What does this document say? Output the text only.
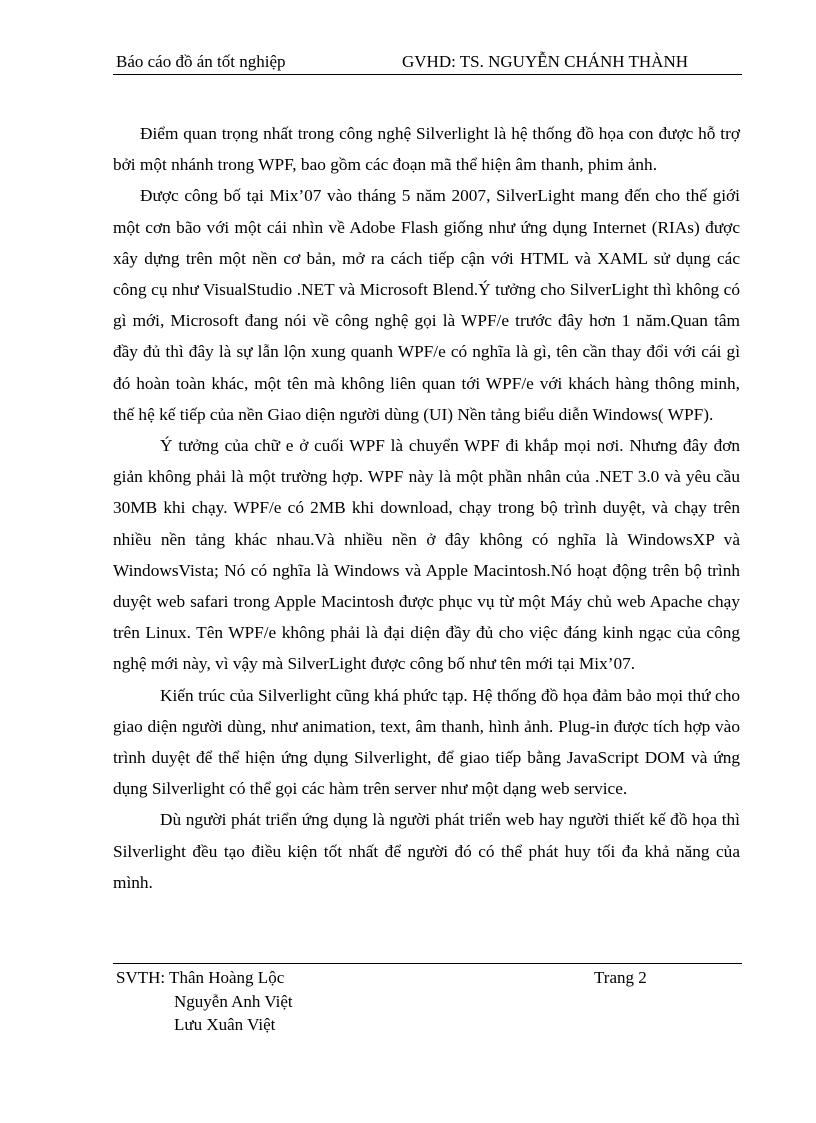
Báo cáo đồ án tốt nghiệp	GVHD: TS. NGUYỄN CHÁNH THÀNH

Điểm quan trọng nhất trong công nghệ Silverlight là hệ thống đồ họa con được hỗ trợ bởi một nhánh trong WPF, bao gồm các đoạn mã thể hiện âm thanh, phim ảnh.

Được công bố tại Mix’07 vào tháng 5 năm 2007, SilverLight mang đến cho thế giới một cơn bão với một cái nhìn về Adobe Flash giống như ứng dụng Internet (RIAs) được xây dựng trên một nền cơ bản, mở ra cách tiếp cận với HTML và XAML sử dụng các công cụ như VisualStudio .NET và Microsoft Blend.Ý tưởng cho SilverLight thì không có gì mới, Microsoft đang nói về công nghệ gọi là WPF/e trước đây hơn 1 năm.Quan tâm đầy đủ thì đây là sự lẫn lộn xung quanh WPF/e có nghĩa là gì, tên cần thay đổi với cái gì đó hoàn toàn khác, một tên mà không liên quan tới WPF/e với khách hàng thông minh, thế hệ kế tiếp của nền Giao diện người dùng (UI) Nền tảng biểu diễn Windows( WPF).

Ý tưởng của chữ e ở cuối WPF là chuyển WPF đi khắp mọi nơi. Nhưng đây đơn giản không phải là một trường hợp. WPF này là một phần nhân của .NET 3.0 và yêu cầu 30MB khi chạy. WPF/e có 2MB khi download, chạy trong bộ trình duyệt, và chạy trên nhiều nền tảng khác nhau.Và nhiều nền ở đây không có nghĩa là WindowsXP và WindowsVista; Nó có nghĩa là Windows và Apple Macintosh.Nó hoạt động trên bộ trình duyệt web safari trong Apple Macintosh được phục vụ từ một Máy chủ web Apache chạy trên Linux. Tên WPF/e không phải là đại diện đầy đủ cho việc đáng kinh ngạc của công nghệ mới này, vì vậy mà SilverLight được công bố như tên mới tại Mix’07.

Kiến trúc của Silverlight cũng khá phức tạp. Hệ thống đồ họa đảm bảo mọi thứ cho giao diện người dùng, như animation, text, âm thanh, hình ảnh. Plug-in được tích hợp vào trình duyệt để thể hiện ứng dụng Silverlight, để giao tiếp bằng JavaScript DOM và ứng dụng Silverlight có thể gọi các hàm trên server như một dạng web service.

Dù người phát triển ứng dụng là người phát triển web hay người thiết kế đồ họa thì Silverlight đều tạo điều kiện tốt nhất để người đó có thể phát huy tối đa khả năng của mình.

SVTH: Thân Hoàng Lộc
Nguyễn Anh Việt
Lưu Xuân Việt
Trang 2
